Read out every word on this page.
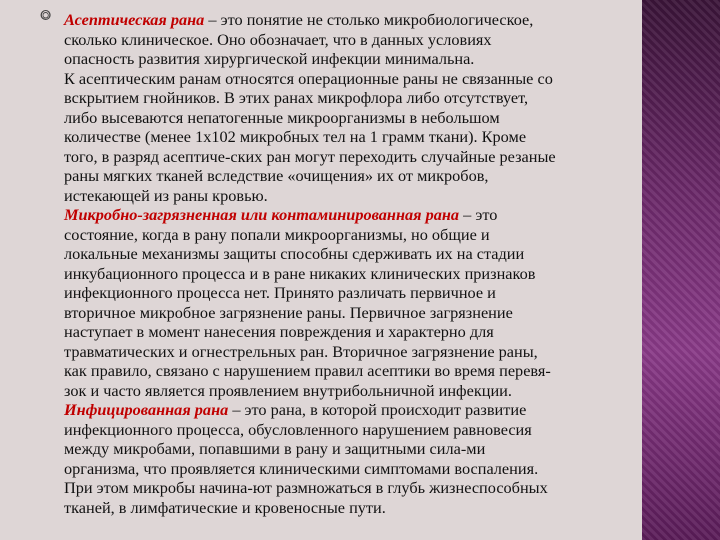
⭗ Асептическая рана – это понятие не столько микробиологическое,
сколько клиническое. Оно обозначает, что в данных условиях
опасность развития хирургической инфекции минимальна.
К асептическим ранам относятся операционные раны не связанные со
вскрытием гнойников. В этих ранах микрофлора либо отсутствует,
либо высеваются непатогенные микроорганизмы в небольшом
количестве (менее 1х102 микробных тел на 1 грамм ткани). Кроме
того, в разряд асептиче-ских ран могут переходить случайные резаные
раны мягких тканей вследствие «очищения» их от микробов,
истекающей из раны кровью.
Микробно-загрязненная или контаминированная рана – это
состояние, когда в рану попали микроорганизмы, но общие и
локальные механизмы защиты способны сдерживать их на стадии
инкубационного процесса и в ране никаких клинических признаков
инфекционного процесса нет. Принято различать первичное и
вторичное микробное загрязнение раны. Первичное загрязнение
наступает в момент нанесения повреждения и характерно для
травматических и огнестрельных ран. Вторичное загрязнение раны,
как правило, связано с нарушением правил асептики во время перевя-
зок и часто является проявлением внутрибольничной инфекции.
Инфицированная рана – это рана, в которой происходит развитие
инфекционного процесса, обусловленного нарушением равновесия
между микробами, попавшими в рану и защитными сила-ми
организма, что проявляется клиническими симптомами воспаления.
При этом микробы начина-ют размножаться в глубь жизнеспособных
тканей, в лимфатические и кровеносные пути.
